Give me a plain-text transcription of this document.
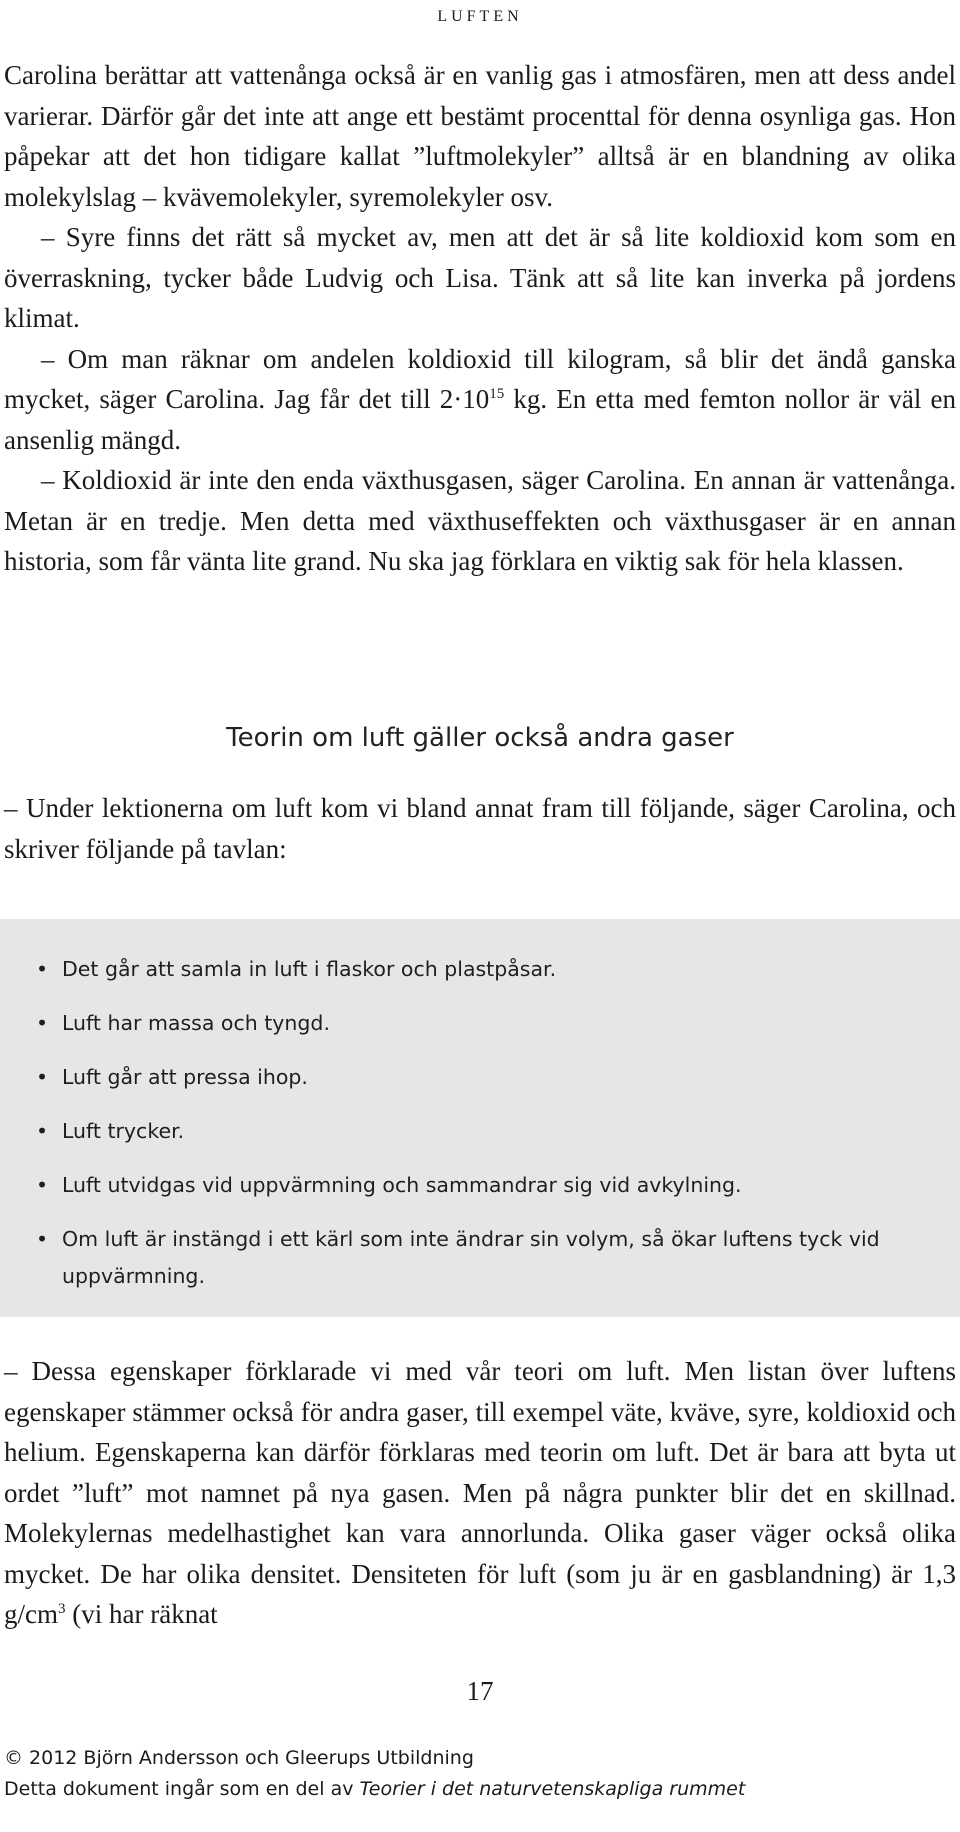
luften

Carolina berättar att vattenånga också är en vanlig gas i atmosfären, men att dess andel varierar. Därför går det inte att ange ett bestämt procenttal för denna osynliga gas. Hon påpekar att det hon tidigare kallat ”luftmolekyler” alltså är en blandning av olika molekylslag – kvävemolekyler, syremolekyler osv.

– Syre finns det rätt så mycket av, men att det är så lite koldioxid kom som en överraskning, tycker både Ludvig och Lisa. Tänk att så lite kan inverka på jordens klimat.

– Om man räknar om andelen koldioxid till kilogram, så blir det ändå ganska mycket, säger Carolina. Jag får det till $2\cdot 10^{15}$ kg. En etta med femton nollor är väl en ansenlig mängd.

– Koldioxid är inte den enda växthusgasen, säger Carolina. En annan är vattenånga. Metan är en tredje. Men detta med växthuseffekten och växthusgaser är en annan historia, som får vänta lite grand. Nu ska jag förklara en viktig sak för hela klassen.

Teorin om luft gäller också andra gaser

– Under lektionerna om luft kom vi bland annat fram till följande, säger Carolina, och skriver följande på tavlan:

• Det går att samla in luft i flaskor och plastpåsar.
• Luft har massa och tyngd.
• Luft går att pressa ihop.
• Luft trycker.
• Luft utvidgas vid uppvärmning och sammandrar sig vid avkylning.
• Om luft är instängd i ett kärl som inte ändrar sin volym, så ökar luftens tyck vid uppvärmning.

– Dessa egenskaper förklarade vi med vår teori om luft. Men listan över luftens egenskaper stämmer också för andra gaser, till exempel väte, kväve, syre, koldioxid och helium. Egenskaperna kan därför förklaras med teorin om luft. Det är bara att byta ut ordet ”luft” mot namnet på nya gasen. Men på några punkter blir det en skillnad. Molekylernas medelhastighet kan vara annorlunda. Olika gaser väger också olika mycket. De har olika densitet. Densiteten för luft (som ju är en gasblandning) är 1,3 $g/cm^3$ (vi har räknat

17
© 2012 Björn Andersson och Gleerups Utbildning
Detta dokument ingår som en del av Teorier i det naturvetenskapliga rummet
